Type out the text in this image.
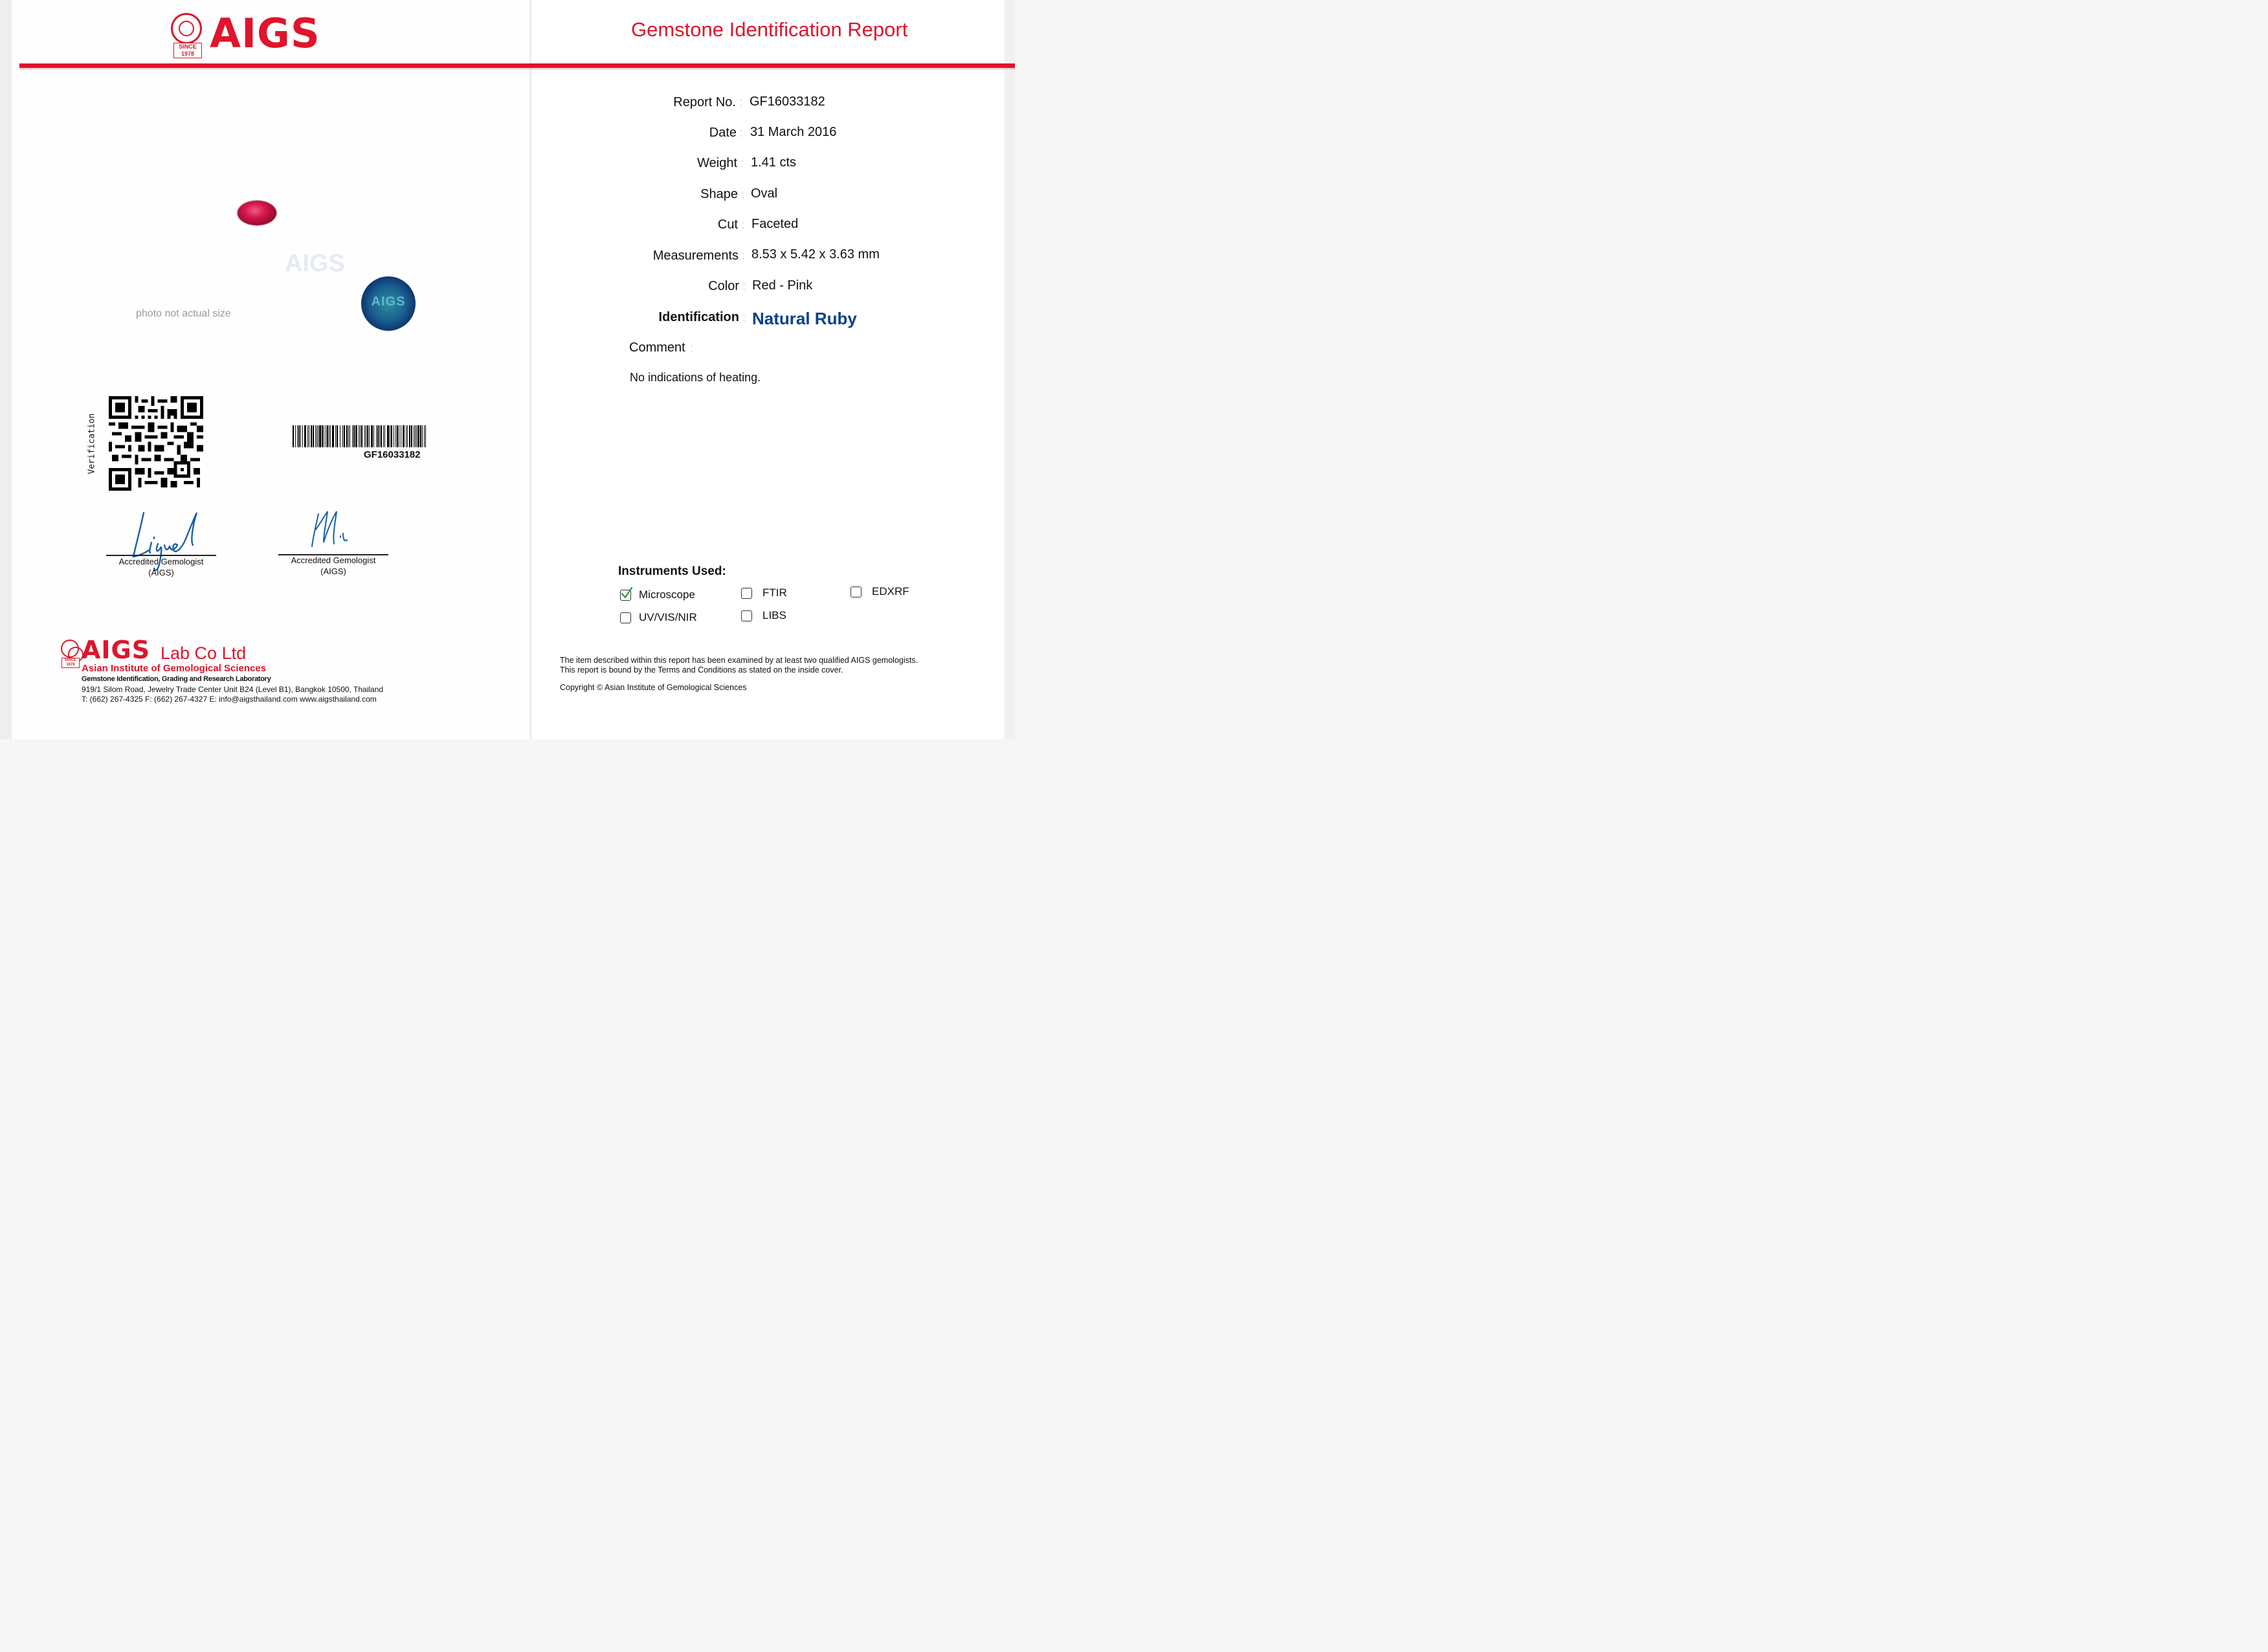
SINCE
1978 AIGS	Gemstone Identification Report
Report No. : GF16033182
Date : 31 March 2016
Weight : 1.41 cts
Shape : Oval
Cut : Faceted
Measurements : 8.53 x 5.42 x 3.63 mm
Color : Red - Pink
Identification : Natural Ruby
Comment :
No indications of heating.
AIGS
photo not actual size
AIGS
Verification	GF16033182
Accredited Gemologist
(AIGS)
Accredited Gemologist
(AIGS)	Instruments Used:
Microscope	FTIR	EDXRF
UV/VIS/NIR	LIBS
The item described within this report has been examined by at least two qualified AIGS gemologists.
This report is bound by the Terms and Conditions as stated on the inside cover.
Copyright © Asian Institute of Gemological Sciences
SINCE
1978
AIGS Lab Co Ltd
Asian Institute of Gemological Sciences
Gemstone Identification, Grading and Research Laboratory
919/1 Silom Road, Jewelry Trade Center Unit B24 (Level B1), Bangkok 10500, Thailand
T: (662) 267-4325 F: (662) 267-4327 E: info@aigsthailand.com www.aigsthailand.com
